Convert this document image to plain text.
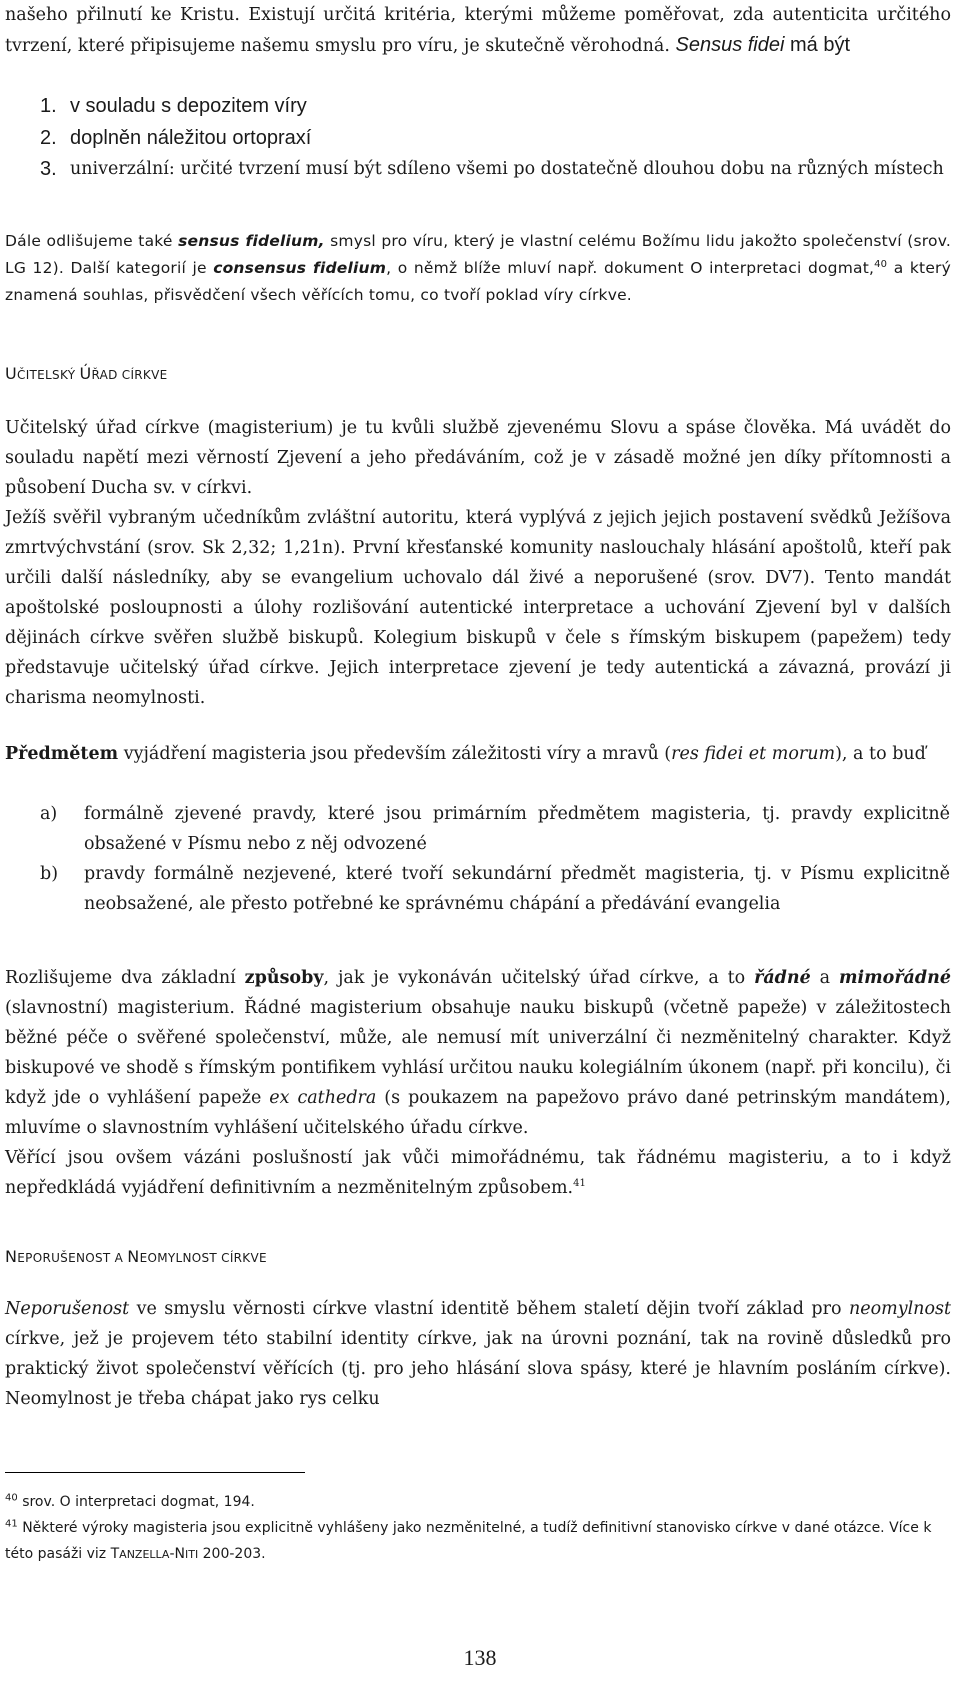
našeho přilnutí ke Kristu. Existují určitá kritéria, kterými můžeme poměřovat, zda autenticita určitého tvrzení, které připisujeme našemu smyslu pro víru, je skutečně věrohodná. Sensus fidei má být

1. v souladu s depozitem víry
2. doplněn náležitou ortopraxí
3. univerzální: určité tvrzení musí být sdíleno všemi po dostatečně dlouhou dobu na různých místech

Dále odlišujeme také sensus fidelium, smysl pro víru, který je vlastní celému Božímu lidu jakožto společenství (srov. LG 12). Další kategorií je consensus fidelium, o němž blíže mluví např. dokument O interpretaci dogmat,$^{40}$ a který znamená souhlas, přisvědčení všech věřících tomu, co tvoří poklad víry církve.

UČITELSKÝ ÚŘAD CÍRKVE

Učitelský úřad církve (magisterium) je tu kvůli službě zjevenému Slovu a spáse člověka. Má uvádět do souladu napětí mezi věrností Zjevení a jeho předáváním, což je v zásadě možné jen díky přítomnosti a působení Ducha sv. v církvi.

Ježíš svěřil vybraným učedníkům zvláštní autoritu, která vyplývá z jejich jejich postavení svědků Ježíšova zmrtvýchvstání (srov. Sk 2,32; 1,21n). První křesťanské komunity naslouchaly hlásání apoštolů, kteří pak určili další následníky, aby se evangelium uchovalo dál živé a neporušené (srov. DV7). Tento mandát apoštolské posloupnosti a úlohy rozlišování autentické interpretace a uchování Zjevení byl v dalších dějinách církve svěřen službě biskupů. Kolegium biskupů v čele s římským biskupem (papežem) tedy představuje učitelský úřad církve. Jejich interpretace zjevení je tedy autentická a závazná, provází ji charisma neomylnosti.

Předmětem vyjádření magisteria jsou především záležitosti víry a mravů (res fidei et morum), a to buď

a) formálně zjevené pravdy, které jsou primárním předmětem magisteria, tj. pravdy explicitně obsažené v Písmu nebo z něj odvozené
b) pravdy formálně nezjevené, které tvoří sekundární předmět magisteria, tj. v Písmu explicitně neobsažené, ale přesto potřebné ke správnému chápání a předávání evangelia

Rozlišujeme dva základní způsoby, jak je vykonáván učitelský úřad církve, a to řádné a mimořádné (slavnostní) magisterium. Řádné magisterium obsahuje nauku biskupů (včetně papeže) v záležitostech běžné péče o svěřené společenství, může, ale nemusí mít univerzální či nezměnitelný charakter. Když biskupové ve shodě s římským pontifikem vyhlásí určitou nauku kolegiálním úkonem (např. při koncilu), či když jde o vyhlášení papeže ex cathedra (s poukazem na papežovo právo dané petrinským mandátem), mluvíme o slavnostním vyhlášení učitelského úřadu církve.

Věřící jsou ovšem vázáni poslušností jak vůči mimořádnému, tak řádnému magisteriu, a to i když nepředkládá vyjádření definitivním a nezměnitelným způsobem.$^{41}$

NEPORUŠENOST A NEOMYLNOST CÍRKVE

Neporušenost ve smyslu věrnosti církve vlastní identitě během staletí dějin tvoří základ pro neomylnost církve, jež je projevem této stabilní identity církve, jak na úrovni poznání, tak na rovině důsledků pro praktický život společenství věřících (tj. pro jeho hlásání slova spásy, které je hlavním posláním církve). Neomylnost je třeba chápat jako rys celku

$^{40}$ srov. O interpretaci dogmat, 194.

$^{41}$ Některé výroky magisteria jsou explicitně vyhlášeny jako nezměnitelné, a tudíž definitivní stanovisko církve v dané otázce. Více k této pasáži viz TANZELLA-NITI 200-203.

138
